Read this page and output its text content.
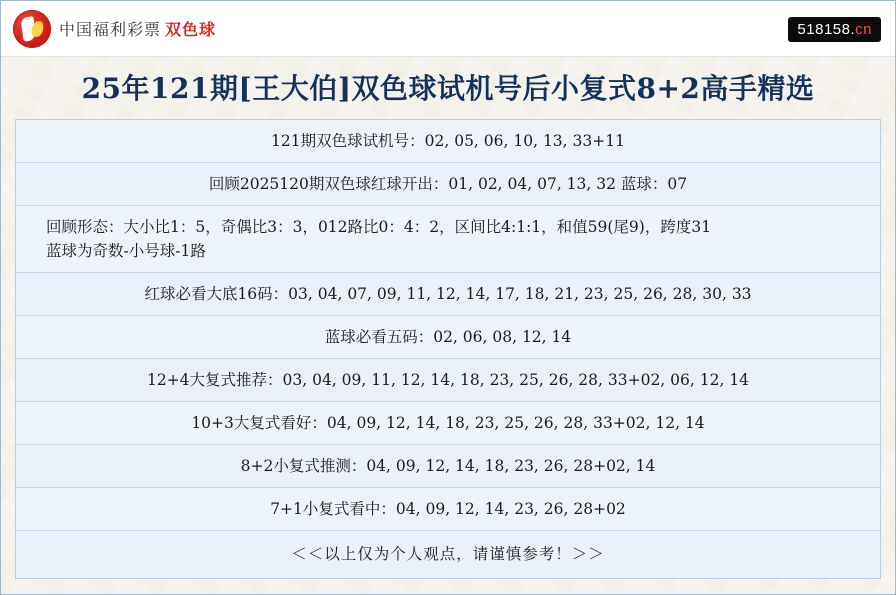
中国福利彩票 双色球	518158.cn
25年121期[王大伯]双色球试机号后小复式8+2高手精选
121期双色球试机号：02, 05, 06, 10, 13, 33+11
回顾2025120期双色球红球开出：01, 02, 04, 07, 13, 32 蓝球：07
回顾形态：大小比1：5，奇偶比3：3，012路比0：4：2，区间比4:1:1，和值59(尾9)，跨度31
蓝球为奇数-小号球-1路
红球必看大底16码：03, 04, 07, 09, 11, 12, 14, 17, 18, 21, 23, 25, 26, 28, 30, 33
蓝球必看五码：02, 06, 08, 12, 14
12+4大复式推荐：03, 04, 09, 11, 12, 14, 18, 23, 25, 26, 28, 33+02, 06, 12, 14
10+3大复式看好：04, 09, 12, 14, 18, 23, 25, 26, 28, 33+02, 12, 14
8+2小复式推测：04, 09, 12, 14, 18, 23, 26, 28+02, 14
7+1小复式看中：04, 09, 12, 14, 23, 26, 28+02
＜＜以上仅为个人观点，请谨慎参考！＞＞
